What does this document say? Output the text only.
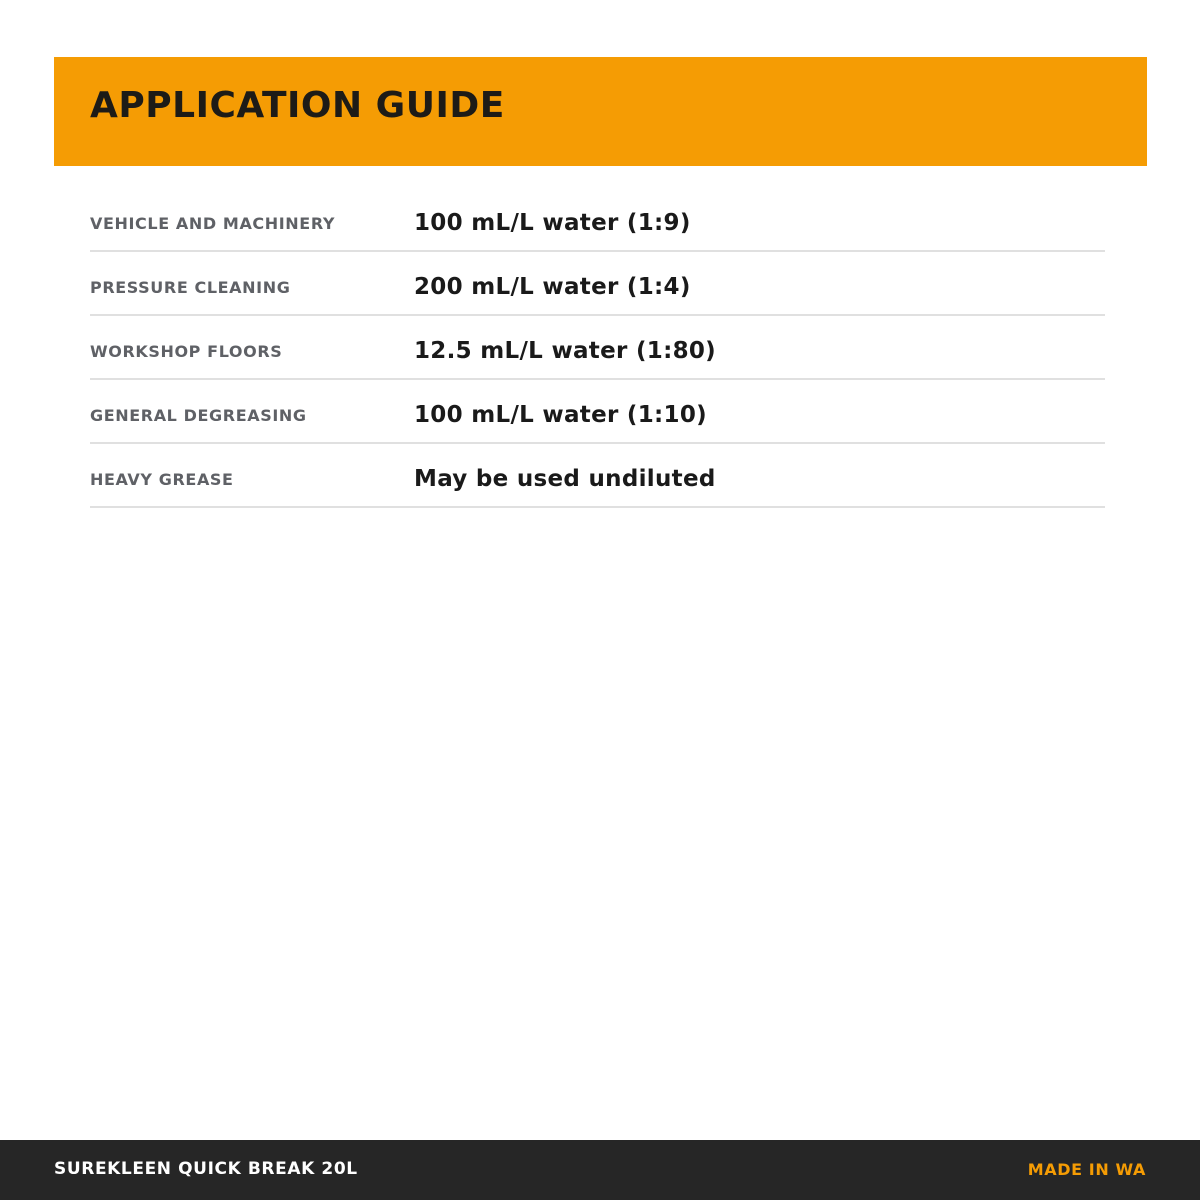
APPLICATION GUIDE
VEHICLE AND MACHINERY	100 mL/L water (1:9)
PRESSURE CLEANING	200 mL/L water (1:4)
WORKSHOP FLOORS	12.5 mL/L water (1:80)
GENERAL DEGREASING	100 mL/L water (1:10)
HEAVY GREASE	May be used undiluted
SUREKLEEN QUICK BREAK 20L	MADE IN WA
